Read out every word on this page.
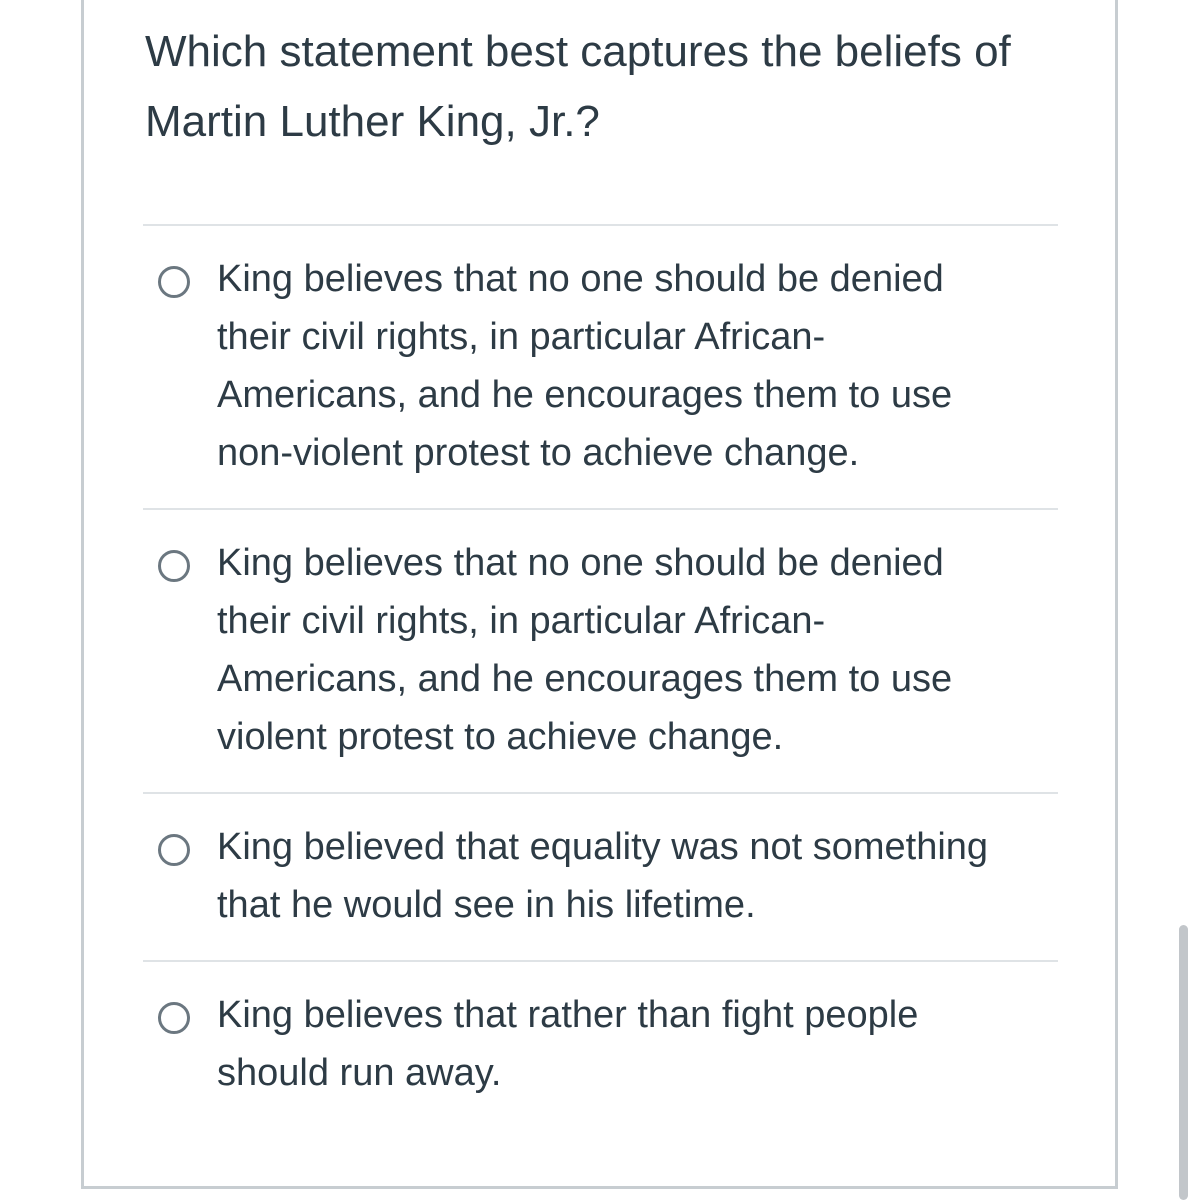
Which statement best captures the beliefs of
Martin Luther King, Jr.?
King believes that no one should be denied
their civil rights, in particular African-
Americans, and he encourages them to use
non-violent protest to achieve change.
King believes that no one should be denied
their civil rights, in particular African-
Americans, and he encourages them to use
violent protest to achieve change.
King believed that equality was not something
that he would see in his lifetime.
King believes that rather than fight people
should run away.
